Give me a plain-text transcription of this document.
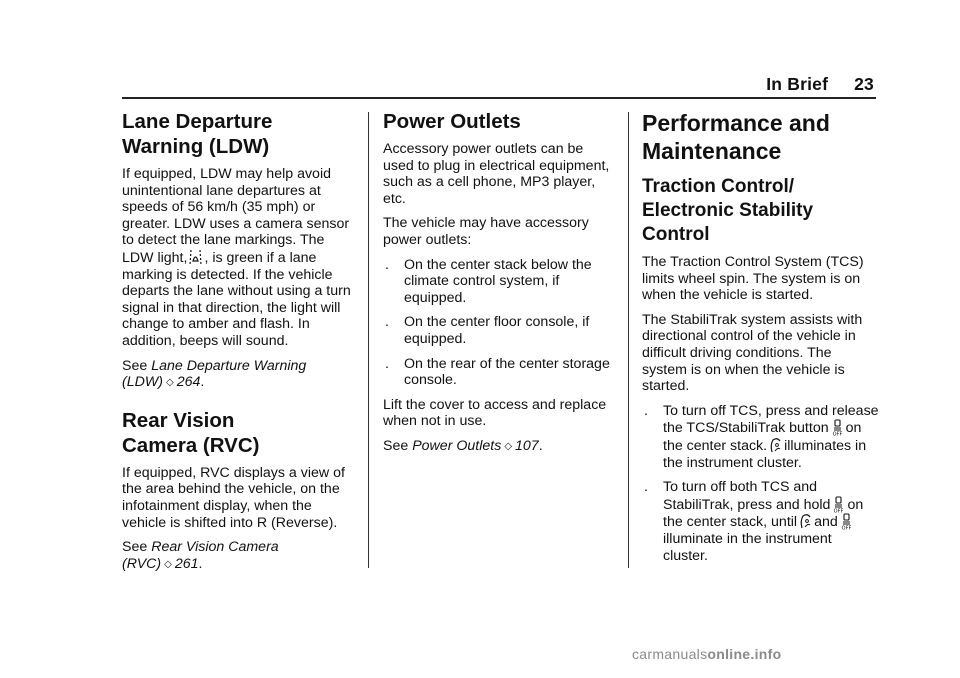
In Brief 23
Lane Departure
Warning (LDW)

If equipped, LDW may help avoid unintentional lane departures at speeds of 56 km/h (35 mph) or greater. LDW uses a camera sensor to detect the lane markings. The LDW light, , is green if a lane marking is detected. If the vehicle departs the lane without using a turn signal in that direction, the light will change to amber and flash. In addition, beeps will sound.

See Lane Departure Warning (LDW) ◇ 264.

Rear Vision
Camera (RVC)

If equipped, RVC displays a view of the area behind the vehicle, on the infotainment display, when the vehicle is shifted into R (Reverse).

See Rear Vision Camera (RVC) ◇ 261.

Power Outlets

Accessory power outlets can be used to plug in electrical equipment, such as a cell phone, MP3 player, etc.

The vehicle may have accessory power outlets:

. On the center stack below the climate control system, if equipped.
. On the center floor console, if equipped.
. On the rear of the center storage console.

Lift the cover to access and replace when not in use.

See Power Outlets ◇ 107.

Performance and
Maintenance
Traction Control/
Electronic Stability
Control

The Traction Control System (TCS) limits wheel spin. The system is on when the vehicle is started.

The StabiliTrak system assists with directional control of the vehicle in difficult driving conditions. The system is on when the vehicle is started.

. To turn off TCS, press and release the TCS/StabiliTrak button OFF on the center stack. illuminates in the instrument cluster.
. To turn off both TCS and StabiliTrak, press and hold OFF on the center stack, until and OFF
illuminate in the instrument cluster.
carmanualsonline.info
